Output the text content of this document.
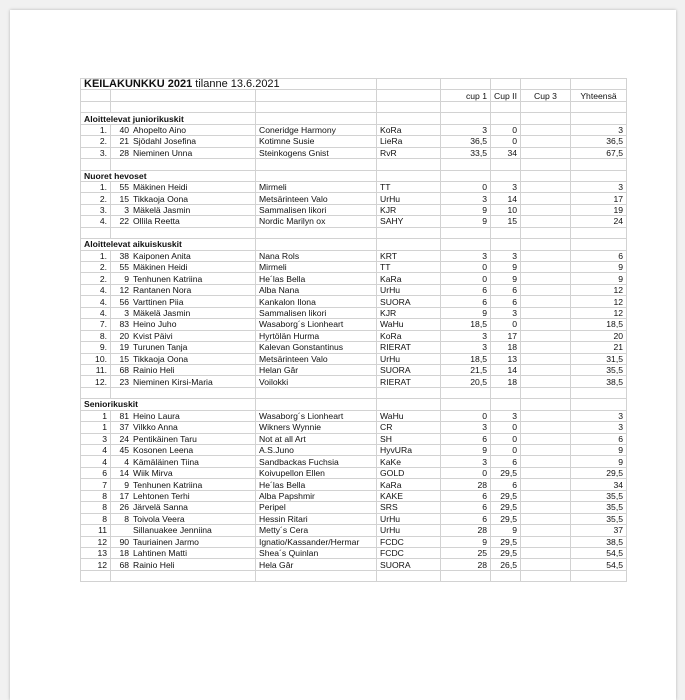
KEILAKUNKKU 2021 tilanne 13.6.2021							
				cup 1	Cup II	Cup 3	Yhteensä

Aloittelevat juniorikuskit							
1.	40 Ahopelto Aino	Coneridge Harmony	KoRa	3	0		3
2.	21 Sjödahl Josefina	Kotimne Susie	LieRa	36,5	0		36,5
3.	28 Nieminen Unna	Steinkogens Gnist	RvR	33,5	34		67,5

Nuoret hevoset							
1.	55 Mäkinen Heidi	Mirmeli	TT	0	3		3
2.	15 Tikkaoja Oona	Metsärinteen Valo	UrHu	3	14		17
3.	3 Mäkelä Jasmin	Sammalisen likori	KJR	9	10		19
4.	22 Ollila Reetta	Nordic Marilyn ox	SAHY	9	15		24

Aloittelevat aikuiskuskit							
1.	38 Kaiponen Anita	Nana Rols	KRT	3	3		6
2.	55 Mäkinen Heidi	Mirmeli	TT	0	9		9
2.	9 Tenhunen Katriina	He´las Bella	KaRa	0	9		9
4.	12 Rantanen Nora	Alba Nana	UrHu	6	6		12
4.	56 Varttinen Piia	Kankalon Ilona	SUORA	6	6		12
4.	3 Mäkelä Jasmin	Sammalisen likori	KJR	9	3		12
7.	83 Heino Juho	Wasaborg´s Lionheart	WaHu	18,5	0		18,5
8.	20 Kvist Päivi	Hyrtölän Hurma	KoRa	3	17		20
9.	19 Turunen Tanja	Kalevan Gonstantinus	RIERAT	3	18		21
10.	15 Tikkaoja Oona	Metsärinteen Valo	UrHu	18,5	13		31,5
11.	68 Rainio Heli	Helan Gâr	SUORA	21,5	14		35,5
12.	23 Nieminen Kirsi-Maria	Voilokki	RIERAT	20,5	18		38,5

Seniorikuskit							
1	81 Heino Laura	Wasaborg´s Lionheart	WaHu	0	3		3
1	37 Vilkko Anna	Wikners Wynnie	CR	3	0		3
3	24 Pentikäinen Taru	Not at all Art	SH	6	0		6
4	45 Kosonen Leena	A.S.Juno	HyvURa	9	0		9
4	4 Kämäläinen Tiina	Sandbackas Fuchsia	KaKe	3	6		9
6	14 Wiik Mirva	Koivupellon Ellen	GOLD	0	29,5		29,5
7	9 Tenhunen Katriina	He´las Bella	KaRa	28	6		34
8	17 Lehtonen Terhi	Alba Papshmir	KAKE	6	29,5		35,5
8	26 Järvelä Sanna	Peripel	SRS	6	29,5		35,5
8	8 Toivola Veera	Hessin Ritari	UrHu	6	29,5		35,5
11	Sillanuakee Jenniina	Metty´s Cera	UrHu	28	9		37
12	90 Tauriainen Jarmo	Ignatio/Kassander/Hermar	FCDC	9	29,5		38,5
13	18 Lahtinen Matti	Shea´s Quinlan	FCDC	25	29,5		54,5
12	68 Rainio Heli	Hela Gâr	SUORA	28	26,5		54,5
